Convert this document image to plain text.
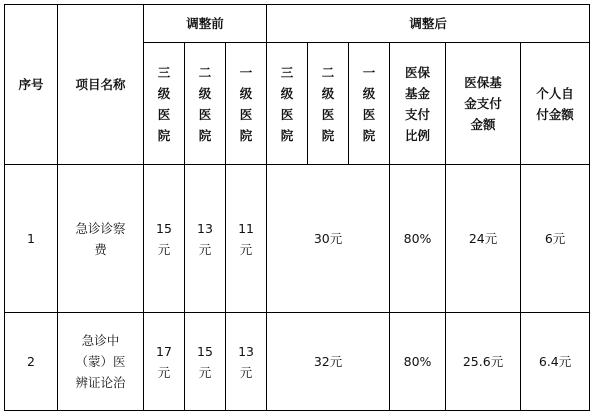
序号	项目名称	调整前			调整后					
		三级医院	二级医院	一级医院	三级医院	二级医院	一级医院	医保基金支付比例	医保基金支付金额	个人自付金额
1	急诊诊察费	15元	13元	11元	30元			80%	24元	6元
2	急诊中（蒙）医辨证论治	17元	15元	13元	32元			80%	25.6元	6.4元
